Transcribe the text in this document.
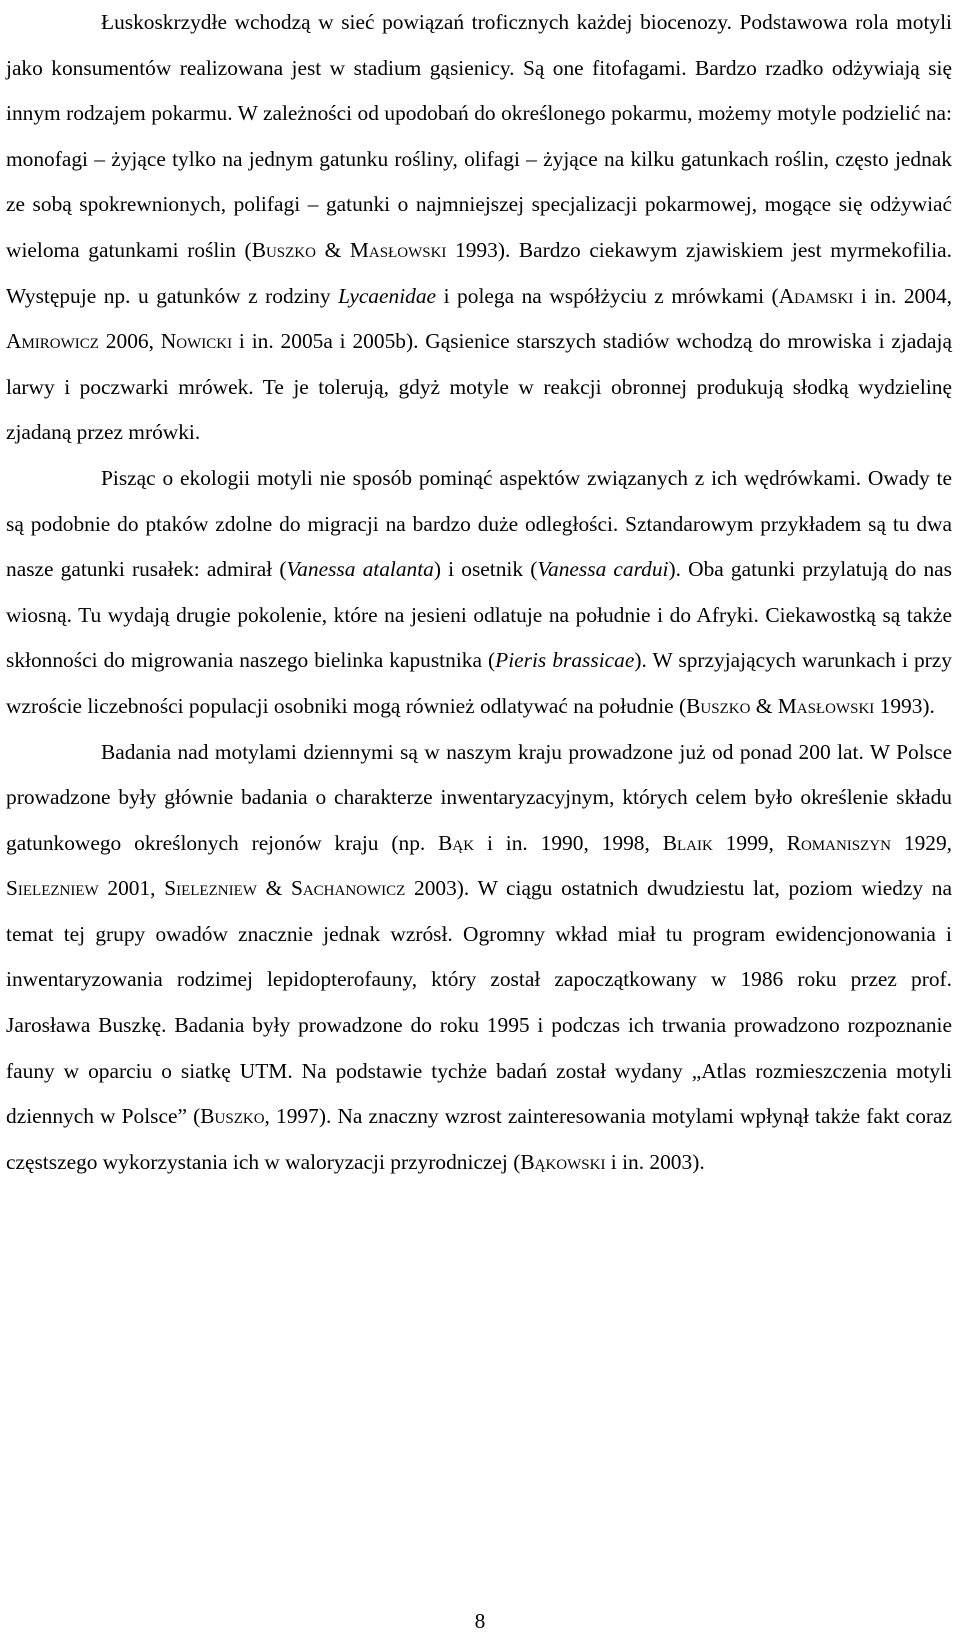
Łuskoskrzydłe wchodzą w sieć powiązań troficznych każdej biocenozy. Podstawowa rola motyli jako konsumentów realizowana jest w stadium gąsienicy. Są one fitofagami. Bardzo rzadko odżywiają się innym rodzajem pokarmu. W zależności od upodobań do określonego pokarmu, możemy motyle podzielić na: monofagi – żyjące tylko na jednym gatunku rośliny, olifagi – żyjące na kilku gatunkach roślin, często jednak ze sobą spokrewnionych, polifagi – gatunki o najmniejszej specjalizacji pokarmowej, mogące się odżywiać wieloma gatunkami roślin (Buszko & Masłowski 1993). Bardzo ciekawym zjawiskiem jest myrmekofilia. Występuje np. u gatunków z rodziny Lycaenidae i polega na współżyciu z mrówkami (Adamski i in. 2004, Amirowicz 2006, Nowicki i in. 2005a i 2005b). Gąsienice starszych stadiów wchodzą do mrowiska i zjadają larwy i poczwarki mrówek. Te je tolerują, gdyż motyle w reakcji obronnej produkują słodką wydzielinę zjadaną przez mrówki.

Pisząc o ekologii motyli nie sposób pominąć aspektów związanych z ich wędrówkami. Owady te są podobnie do ptaków zdolne do migracji na bardzo duże odległości. Sztandarowym przykładem są tu dwa nasze gatunki rusałek: admirał (Vanessa atalanta) i osetnik (Vanessa cardui). Oba gatunki przylatują do nas wiosną. Tu wydają drugie pokolenie, które na jesieni odlatuje na południe i do Afryki. Ciekawostką są także skłonności do migrowania naszego bielinka kapustnika (Pieris brassicae). W sprzyjających warunkach i przy wzroście liczebności populacji osobniki mogą również odlatywać na południe (Buszko & Masłowski 1993).

Badania nad motylami dziennymi są w naszym kraju prowadzone już od ponad 200 lat. W Polsce prowadzone były głównie badania o charakterze inwentaryzacyjnym, których celem było określenie składu gatunkowego określonych rejonów kraju (np. Bąk i in. 1990, 1998, Blaik 1999, Romaniszyn 1929, Sielezniew 2001, Sielezniew & Sachanowicz 2003). W ciągu ostatnich dwudziestu lat, poziom wiedzy na temat tej grupy owadów znacznie jednak wzrósł. Ogromny wkład miał tu program ewidencjonowania i inwentaryzowania rodzimej lepidopterofauny, który został zapoczątkowany w 1986 roku przez prof. Jarosława Buszkę. Badania były prowadzone do roku 1995 i podczas ich trwania prowadzono rozpoznanie fauny w oparciu o siatkę UTM. Na podstawie tychże badań został wydany „Atlas rozmieszczenia motyli dziennych w Polsce” (Buszko, 1997). Na znaczny wzrost zainteresowania motylami wpłynął także fakt coraz częstszego wykorzystania ich w waloryzacji przyrodniczej (Bąkowski i in. 2003).

8
